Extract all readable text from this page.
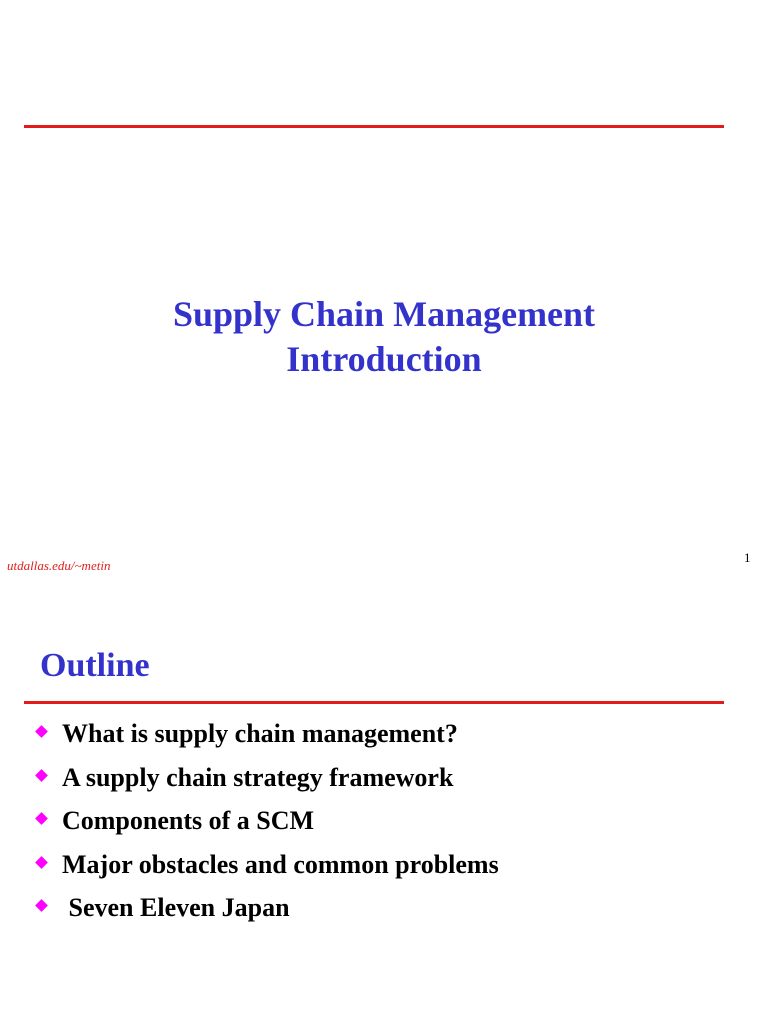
Supply Chain Management
Introduction
utdallas.edu/~metin
1
Outline
What is supply chain management?
A supply chain strategy framework
Components of a SCM
Major obstacles and common problems
Seven Eleven Japan
